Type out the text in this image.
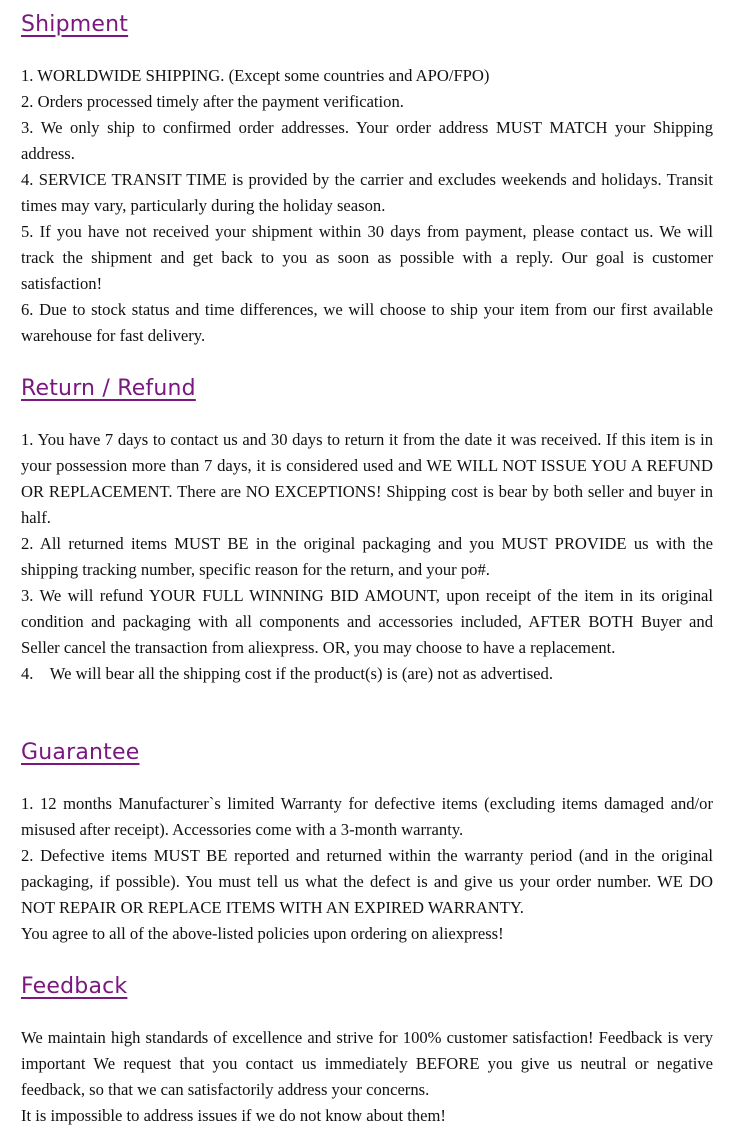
Shipment

1. WORLDWIDE SHIPPING. (Except some countries and APO/FPO)

2. Orders processed timely after the payment verification.

3. We only ship to confirmed order addresses. Your order address MUST MATCH your Shipping address.

4. SERVICE TRANSIT TIME is provided by the carrier and excludes weekends and holidays. Transit times may vary, particularly during the holiday season.

5. If you have not received your shipment within 30 days from payment, please contact us. We will track the shipment and get back to you as soon as possible with a reply. Our goal is customer satisfaction!

6. Due to stock status and time differences, we will choose to ship your item from our first available warehouse for fast delivery.

Return / Refund

1. You have 7 days to contact us and 30 days to return it from the date it was received. If this item is in your possession more than 7 days, it is considered used and WE WILL NOT ISSUE YOU A REFUND OR REPLACEMENT. There are NO EXCEPTIONS! Shipping cost is bear by both seller and buyer in half.

2. All returned items MUST BE in the original packaging and you MUST PROVIDE us with the shipping tracking number, specific reason for the return, and your po#.

3. We will refund YOUR FULL WINNING BID AMOUNT, upon receipt of the item in its original condition and packaging with all components and accessories included, AFTER BOTH Buyer and Seller cancel the transaction from aliexpress. OR, you may choose to have a replacement.

4.    We will bear all the shipping cost if the product(s) is (are) not as advertised.

Guarantee

1. 12 months Manufacturer`s limited Warranty for defective items (excluding items damaged and/or misused after receipt). Accessories come with a 3-month warranty.

2. Defective items MUST BE reported and returned within the warranty period (and in the original packaging, if possible). You must tell us what the defect is and give us your order number. WE DO NOT REPAIR OR REPLACE ITEMS WITH AN EXPIRED WARRANTY.

You agree to all of the above-listed policies upon ordering on aliexpress!

Feedback

We maintain high standards of excellence and strive for 100% customer satisfaction! Feedback is very important We request that you contact us immediately BEFORE you give us neutral or negative feedback, so that we can satisfactorily address your concerns.

It is impossible to address issues if we do not know about them!
